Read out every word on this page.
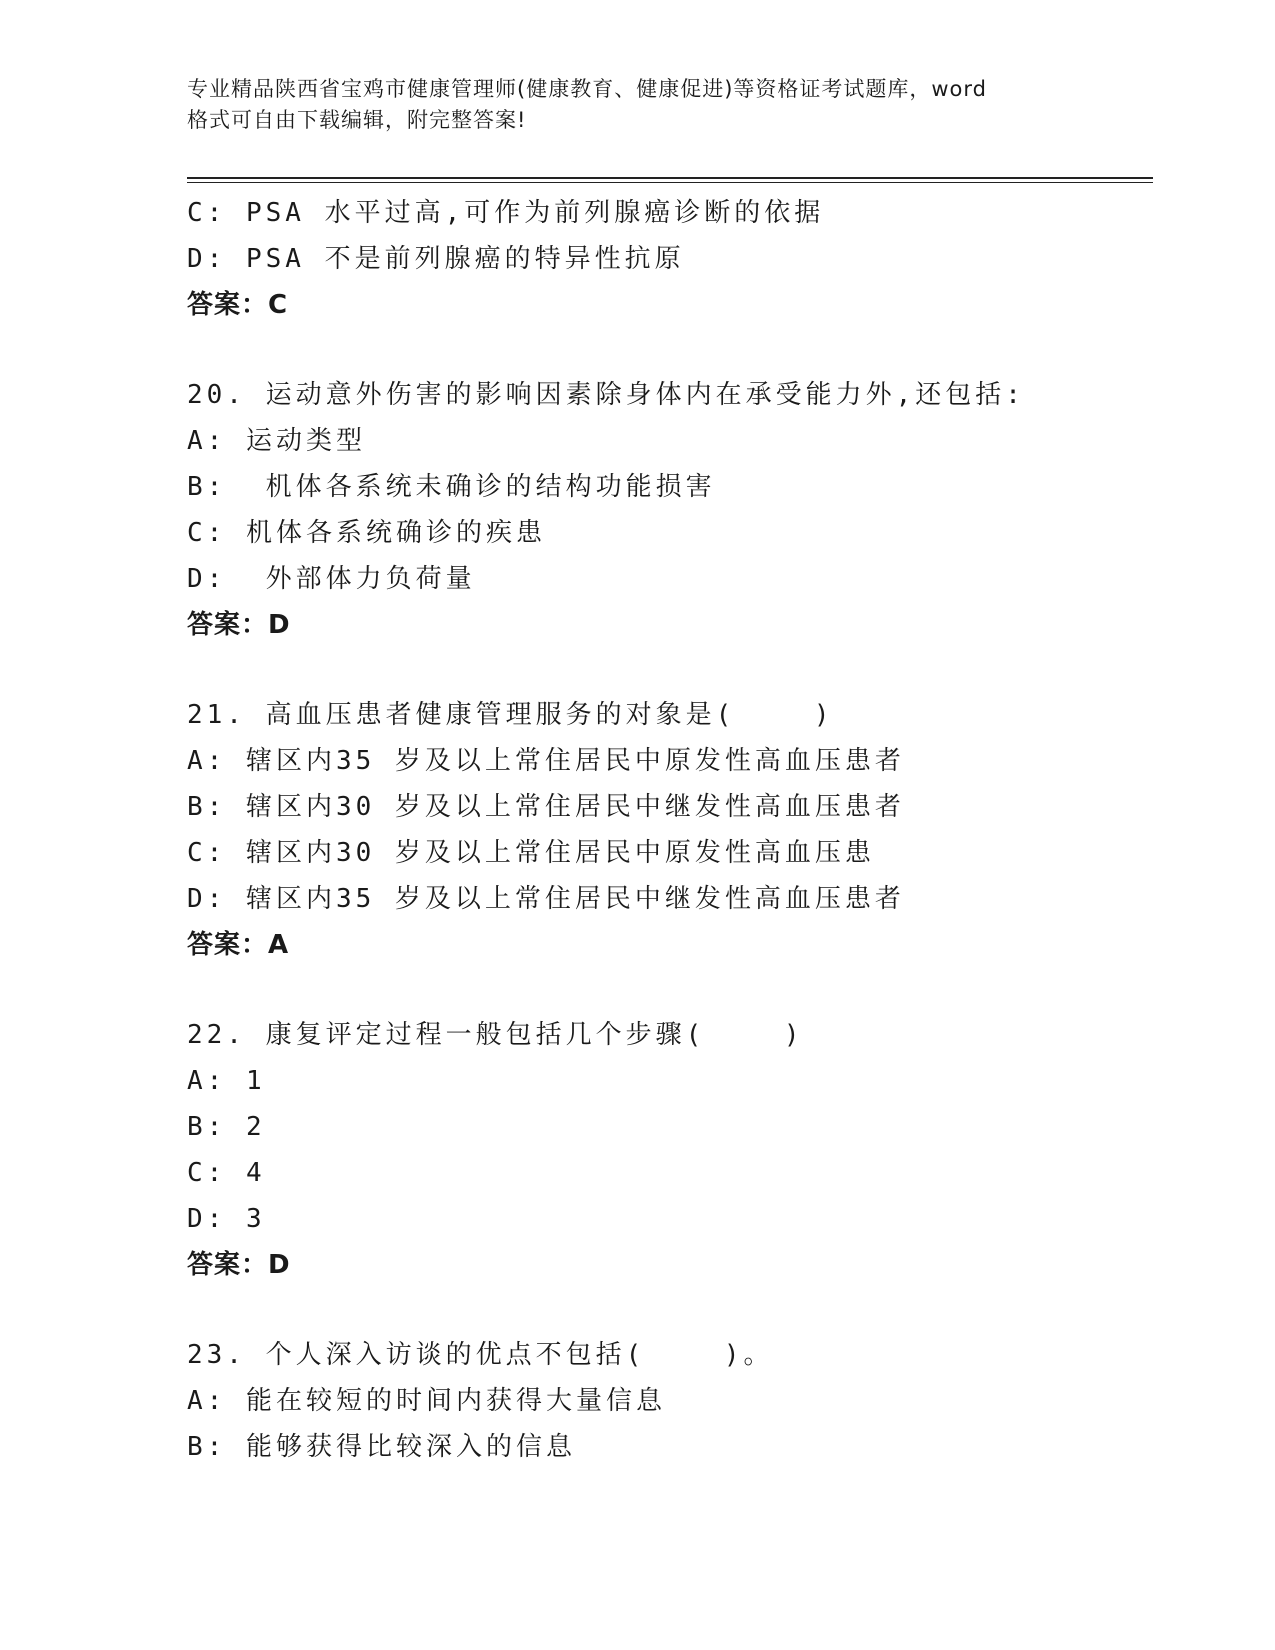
专业精品陕西省宝鸡市健康管理师(健康教育、健康促进)等资格证考试题库，word
格式可自由下载编辑，附完整答案!
C: PSA 水平过高,可作为前列腺癌诊断的依据
D: PSA 不是前列腺癌的特异性抗原
答案：C
20. 运动意外伤害的影响因素除身体内在承受能力外,还包括:
A: 运动类型
B:  机体各系统未确诊的结构功能损害
C: 机体各系统确诊的疾患
D:  外部体力负荷量
答案：D
21. 高血压患者健康管理服务的对象是(    )
A: 辖区内35 岁及以上常住居民中原发性高血压患者
B: 辖区内30 岁及以上常住居民中继发性高血压患者
C: 辖区内30 岁及以上常住居民中原发性高血压患
D: 辖区内35 岁及以上常住居民中继发性高血压患者
答案：A
22. 康复评定过程一般包括几个步骤(    )
A: 1
B: 2
C: 4
D: 3
答案：D
23. 个人深入访谈的优点不包括(    )。
A: 能在较短的时间内获得大量信息
B: 能够获得比较深入的信息
